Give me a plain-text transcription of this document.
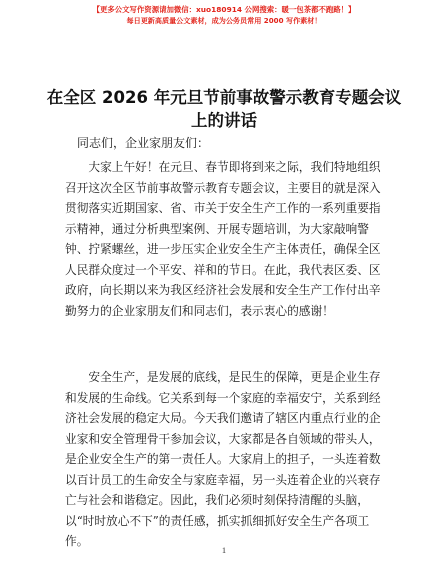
【更多公文写作资源请加微信：xuo180914 公网搜索：暖一包茶都不跑路！】
每日更新高质量公文素材，成为公务员常用 2000 写作素材！
在全区 2026 年元旦节前事故警示教育专题会议
上的讲话
同志们，企业家朋友们：
　　大家上午好！在元旦、春节即将到来之际，我们特地组织
召开这次全区节前事故警示教育专题会议，主要目的就是深入
贯彻落实近期国家、省、市关于安全生产工作的一系列重要指
示精神，通过分析典型案例、开展专题培训，为大家敲响警
钟、拧紧螺丝，进一步压实企业安全生产主体责任，确保全区
人民群众度过一个平安、祥和的节日。在此，我代表区委、区
政府，向长期以来为我区经济社会发展和安全生产工作付出辛
勤努力的企业家朋友们和同志们，表示衷心的感谢！
　　安全生产，是发展的底线，是民生的保障，更是企业生存
和发展的生命线。它关系到每一个家庭的幸福安宁，关系到经
济社会发展的稳定大局。今天我们邀请了辖区内重点行业的企
业家和安全管理骨干参加会议，大家都是各自领域的带头人，
是企业安全生产的第一责任人。大家肩上的担子，一头连着数
以百计员工的生命安全与家庭幸福，另一头连着企业的兴衰存
亡与社会和谐稳定。因此，我们必须时刻保持清醒的头脑，
以“时时放心不下”的责任感，抓实抓细抓好安全生产各项工
作。
1
